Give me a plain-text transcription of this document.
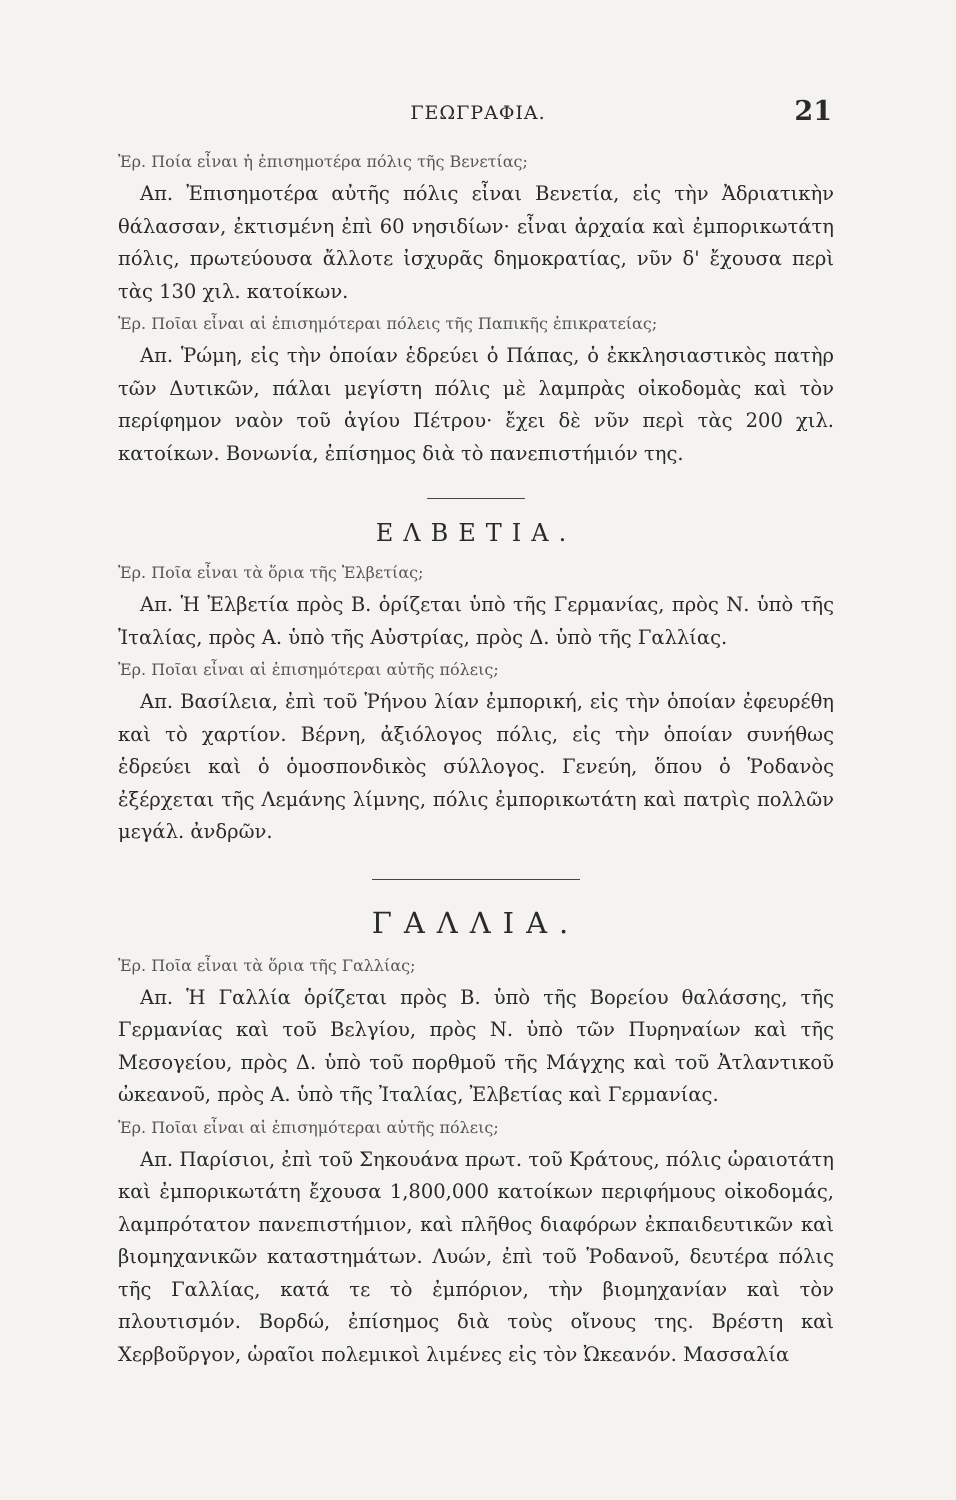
ΓΕΩΓΡΑΦΙΑ.	21

Ἐρ. Ποία εἶναι ἡ ἐπισημοτέρα πόλις τῆς Βενετίας;

Απ. Ἐπισημοτέρα αὐτῆς πόλις εἶναι Βενετία, εἰς τὴν Ἀδριατικὴν θάλασσαν, ἐκτισμένη ἐπὶ 60 νησιδίων· εἶναι ἀρχαία καὶ ἐμπορικωτάτη πόλις, πρωτεύουσα ἄλλοτε ἰσχυρᾶς δημοκρατίας, νῦν δ' ἔχουσα περὶ τὰς 130 χιλ. κατοίκων.

Ἐρ. Ποῖαι εἶναι αἱ ἐπισημότεραι πόλεις τῆς Παπικῆς ἐπικρατείας;

Απ. Ῥώμη, εἰς τὴν ὁποίαν ἑδρεύει ὁ Πάπας, ὁ ἐκκλησιαστικὸς πατὴρ τῶν Δυτικῶν, πάλαι μεγίστη πόλις μὲ λαμπρὰς οἰκοδομὰς καὶ τὸν περίφημον ναὸν τοῦ ἁγίου Πέτρου· ἔχει δὲ νῦν περὶ τὰς 200 χιλ. κατοίκων. Βονωνία, ἐπίσημος διὰ τὸ πανεπιστήμιόν της.

ΕΛΒΕΤΙΑ.

Ἐρ. Ποῖα εἶναι τὰ ὅρια τῆς Ἐλβετίας;

Απ. Ἡ Ἐλβετία πρὸς Β. ὁρίζεται ὑπὸ τῆς Γερμανίας, πρὸς Ν. ὑπὸ τῆς Ἰταλίας, πρὸς Α. ὑπὸ τῆς Αὐστρίας, πρὸς Δ. ὑπὸ τῆς Γαλλίας.

Ἐρ. Ποῖαι εἶναι αἱ ἐπισημότεραι αὐτῆς πόλεις;

Απ. Βασίλεια, ἐπὶ τοῦ Ῥήνου λίαν ἐμπορική, εἰς τὴν ὁποίαν ἐφευρέθη καὶ τὸ χαρτίον. Βέρνη, ἀξιόλογος πόλις, εἰς τὴν ὁποίαν συνήθως ἑδρεύει καὶ ὁ ὁμοσπονδικὸς σύλλογος. Γενεύη, ὅπου ὁ Ῥοδανὸς ἐξέρχεται τῆς Λεμάνης λίμνης, πόλις ἐμπορικωτάτη καὶ πατρὶς πολλῶν μεγάλ. ἀνδρῶν.

ΓΑΛΛΙΑ.

Ἐρ. Ποῖα εἶναι τὰ ὅρια τῆς Γαλλίας;

Απ. Ἡ Γαλλία ὁρίζεται πρὸς Β. ὑπὸ τῆς Βορείου θαλάσσης, τῆς Γερμανίας καὶ τοῦ Βελγίου, πρὸς Ν. ὑπὸ τῶν Πυρηναίων καὶ τῆς Μεσογείου, πρὸς Δ. ὑπὸ τοῦ πορθμοῦ τῆς Μάγχης καὶ τοῦ Ἀτλαντικοῦ ὠκεανοῦ, πρὸς Α. ὑπὸ τῆς Ἰταλίας, Ἐλβετίας καὶ Γερμανίας.

Ἐρ. Ποῖαι εἶναι αἱ ἐπισημότεραι αὐτῆς πόλεις;

Απ. Παρίσιοι, ἐπὶ τοῦ Σηκουάνα πρωτ. τοῦ Κράτους, πόλις ὡραιοτάτη καὶ ἐμπορικωτάτη ἔχουσα 1,800,000 κατοίκων περιφήμους οἰκοδομάς, λαμπρότατον πανεπιστήμιον, καὶ πλῆθος διαφόρων ἐκπαιδευτικῶν καὶ βιομηχανικῶν καταστημάτων. Λυών, ἐπὶ τοῦ Ῥοδανοῦ, δευτέρα πόλις τῆς Γαλλίας, κατά τε τὸ ἐμπόριον, τὴν βιομηχανίαν καὶ τὸν πλουτισμόν. Βορδώ, ἐπίσημος διὰ τοὺς οἴνους της. Βρέστη καὶ Χερβοῦργον, ὡραῖοι πολεμικοὶ λιμένες εἰς τὸν Ὠκεανόν. Μασσαλία
